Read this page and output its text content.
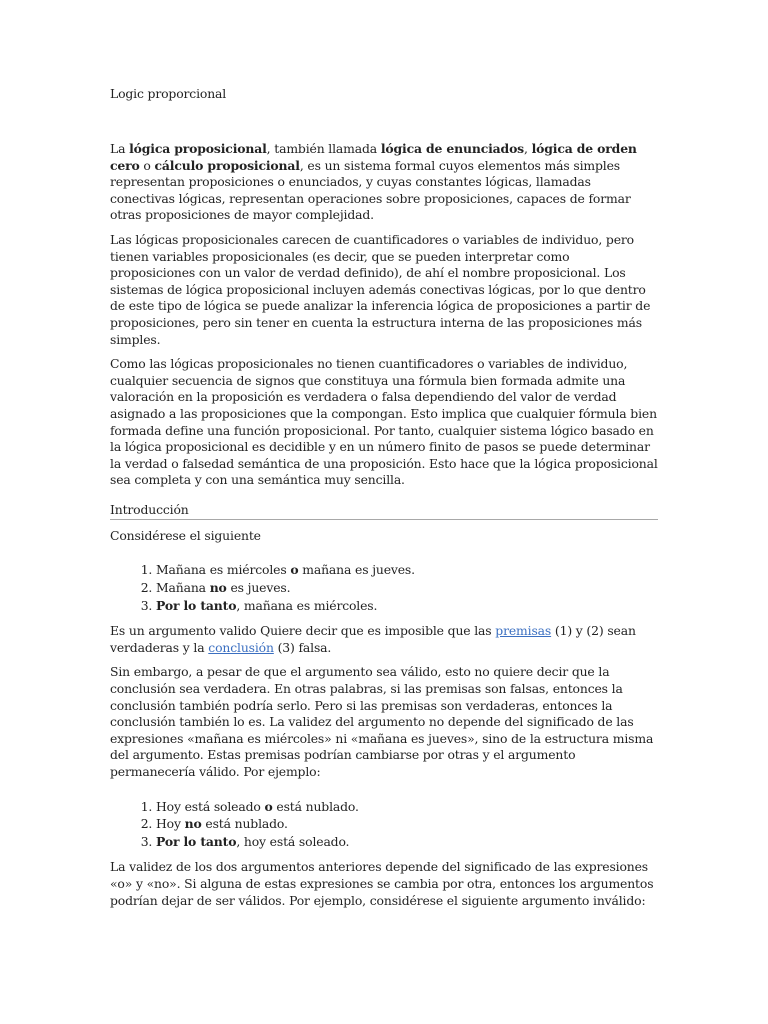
Logic proporcional

La lógica proposicional, también llamada lógica de enunciados, lógica de orden cero o cálculo proposicional, es un sistema formal cuyos elementos más simples representan proposiciones o enunciados, y cuyas constantes lógicas, llamadas conectivas lógicas, representan operaciones sobre proposiciones, capaces de formar otras proposiciones de mayor complejidad.

Las lógicas proposicionales carecen de cuantificadores o variables de individuo, pero tienen variables proposicionales (es decir, que se pueden interpretar como proposiciones con un valor de verdad definido), de ahí el nombre proposicional. Los sistemas de lógica proposicional incluyen además conectivas lógicas, por lo que dentro de este tipo de lógica se puede analizar la inferencia lógica de proposiciones a partir de proposiciones, pero sin tener en cuenta la estructura interna de las proposiciones más simples.

Como las lógicas proposicionales no tienen cuantificadores o variables de individuo, cualquier secuencia de signos que constituya una fórmula bien formada admite una valoración en la proposición es verdadera o falsa dependiendo del valor de verdad asignado a las proposiciones que la compongan. Esto implica que cualquier fórmula bien formada define una función proposicional. Por tanto, cualquier sistema lógico basado en la lógica proposicional es decidible y en un número finito de pasos se puede determinar la verdad o falsedad semántica de una proposición. Esto hace que la lógica proposicional sea completa y con una semántica muy sencilla.

Introducción

Considérese el siguiente

1. Mañana es miércoles o mañana es jueves.
2. Mañana no es jueves.
3. Por lo tanto, mañana es miércoles.

Es un argumento valido Quiere decir que es imposible que las premisas (1) y (2) sean verdaderas y la conclusión (3) falsa.

Sin embargo, a pesar de que el argumento sea válido, esto no quiere decir que la conclusión sea verdadera. En otras palabras, si las premisas son falsas, entonces la conclusión también podría serlo. Pero si las premisas son verdaderas, entonces la conclusión también lo es. La validez del argumento no depende del significado de las expresiones «mañana es miércoles» ni «mañana es jueves», sino de la estructura misma del argumento. Estas premisas podrían cambiarse por otras y el argumento permanecería válido. Por ejemplo:

1. Hoy está soleado o está nublado.
2. Hoy no está nublado.
3. Por lo tanto, hoy está soleado.

La validez de los dos argumentos anteriores depende del significado de las expresiones «o» y «no». Si alguna de estas expresiones se cambia por otra, entonces los argumentos podrían dejar de ser válidos. Por ejemplo, considérese el siguiente argumento inválido:
